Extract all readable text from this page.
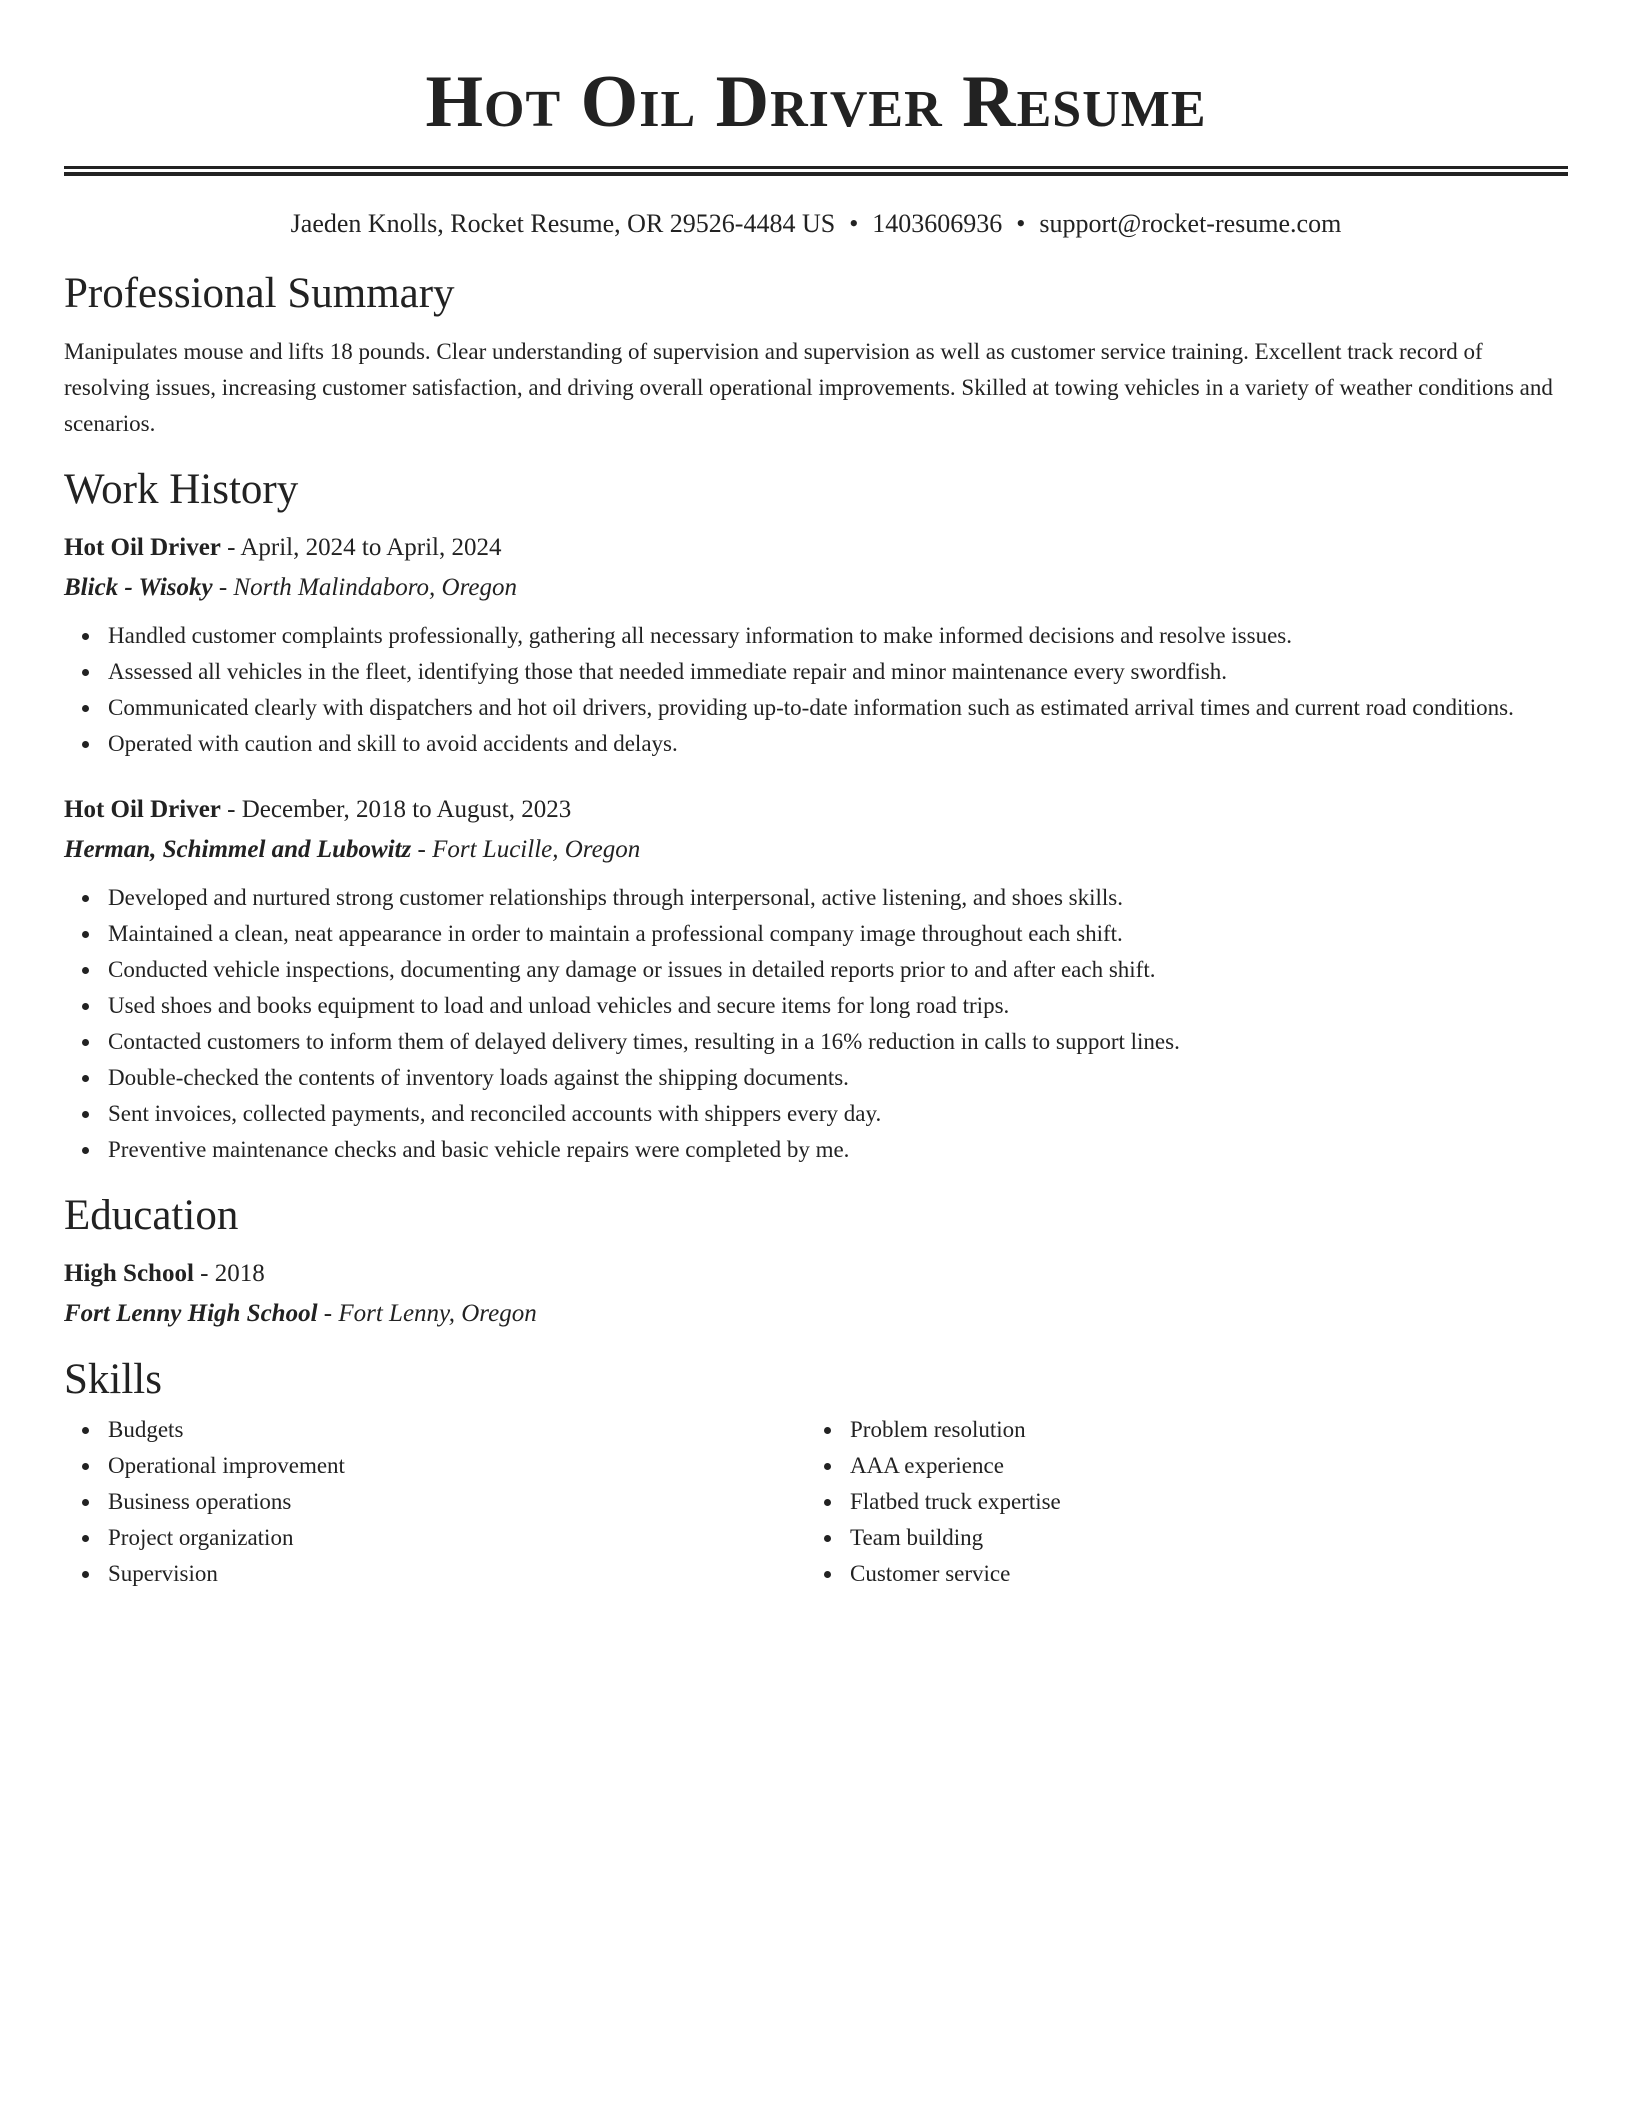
Hot Oil Driver Resume
Jaeden Knolls, Rocket Resume, OR 29526-4484 US • 1403606936 • support@rocket-resume.com
Professional Summary
Manipulates mouse and lifts 18 pounds. Clear understanding of supervision and supervision as well as customer service training. Excellent track record of resolving issues, increasing customer satisfaction, and driving overall operational improvements. Skilled at towing vehicles in a variety of weather conditions and scenarios.
Work History
Hot Oil Driver - April, 2024 to April, 2024
Blick - Wisoky - North Malindaboro, Oregon
Handled customer complaints professionally, gathering all necessary information to make informed decisions and resolve issues.
Assessed all vehicles in the fleet, identifying those that needed immediate repair and minor maintenance every swordfish.
Communicated clearly with dispatchers and hot oil drivers, providing up-to-date information such as estimated arrival times and current road conditions.
Operated with caution and skill to avoid accidents and delays.
Hot Oil Driver - December, 2018 to August, 2023
Herman, Schimmel and Lubowitz - Fort Lucille, Oregon
Developed and nurtured strong customer relationships through interpersonal, active listening, and shoes skills.
Maintained a clean, neat appearance in order to maintain a professional company image throughout each shift.
Conducted vehicle inspections, documenting any damage or issues in detailed reports prior to and after each shift.
Used shoes and books equipment to load and unload vehicles and secure items for long road trips.
Contacted customers to inform them of delayed delivery times, resulting in a 16% reduction in calls to support lines.
Double-checked the contents of inventory loads against the shipping documents.
Sent invoices, collected payments, and reconciled accounts with shippers every day.
Preventive maintenance checks and basic vehicle repairs were completed by me.
Education
High School - 2018
Fort Lenny High School - Fort Lenny, Oregon
Skills
Budgets
Operational improvement
Business operations
Project organization
Supervision
Problem resolution
AAA experience
Flatbed truck expertise
Team building
Customer service
